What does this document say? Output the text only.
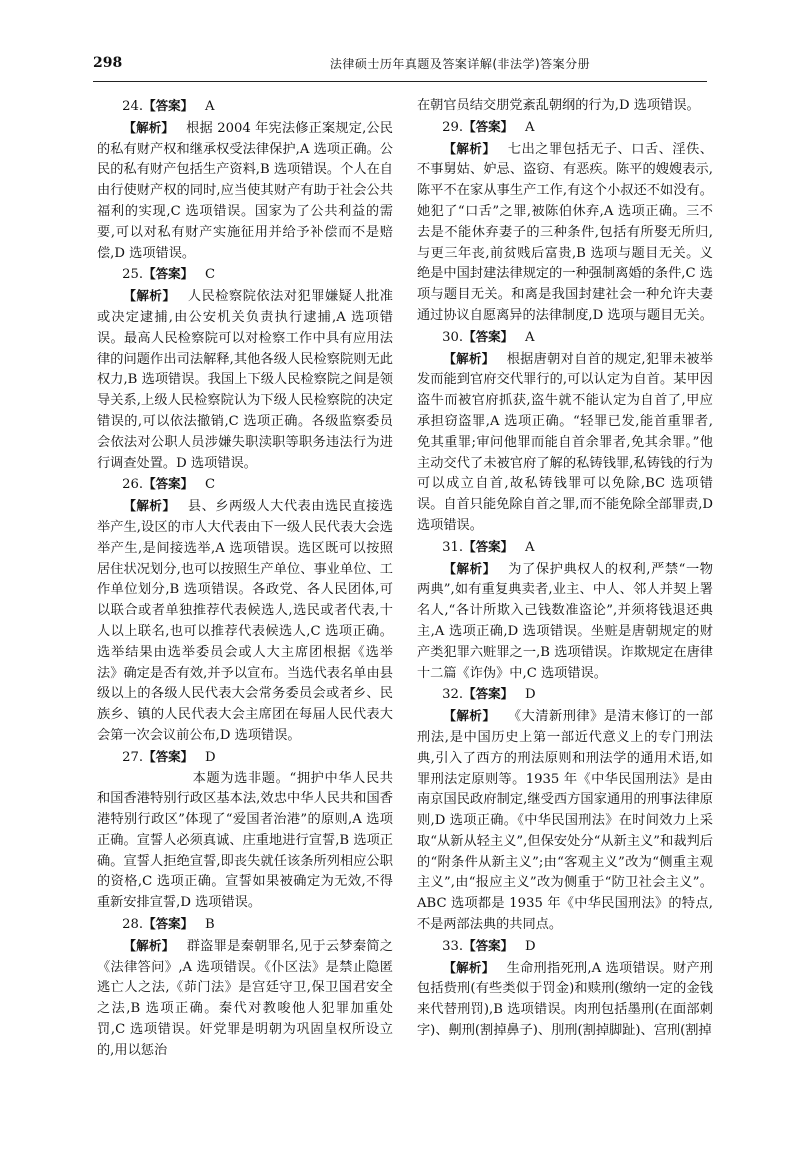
298	法律硕士历年真题及答案详解(非法学)答案分册

24.【答案】 A

【解析】 根据 2004 年宪法修正案规定,公民的私有财产权和继承权受法律保护,A 选项正确。公民的私有财产包括生产资料,B 选项错误。个人在自由行使财产权的同时,应当使其财产有助于社会公共福利的实现,C 选项错误。国家为了公共利益的需要,可以对私有财产实施征用并给予补偿而不是赔偿,D 选项错误。

25.【答案】 C

【解析】 人民检察院依法对犯罪嫌疑人批准或决定逮捕,由公安机关负责执行逮捕,A 选项错误。最高人民检察院可以对检察工作中具有应用法律的问题作出司法解释,其他各级人民检察院则无此权力,B 选项错误。我国上下级人民检察院之间是领导关系,上级人民检察院认为下级人民检察院的决定错误的,可以依法撤销,C 选项正确。各级监察委员会依法对公职人员涉嫌失职渎职等职务违法行为进行调查处置。D 选项错误。

26.【答案】 C

【解析】 县、乡两级人大代表由选民直接选举产生,设区的市人大代表由下一级人民代表大会选举产生,是间接选举,A 选项错误。选区既可以按照居住状况划分,也可以按照生产单位、事业单位、工作单位划分,B 选项错误。各政党、各人民团体,可以联合或者单独推荐代表候选人,选民或者代表,十人以上联名,也可以推荐代表候选人,C 选项正确。选举结果由选举委员会或人大主席团根据《选举法》确定是否有效,并予以宣布。当选代表名单由县级以上的各级人民代表大会常务委员会或者乡、民族乡、镇的人民代表大会主席团在每届人民代表大会第一次会议前公布,D 选项错误。

27.【答案】 D

本题为选非题。“拥护中华人民共和国香港特别行政区基本法,效忠中华人民共和国香港特别行政区”体现了“爱国者治港”的原则,A 选项正确。宣誓人必须真诚、庄重地进行宣誓,B 选项正确。宣誓人拒绝宣誓,即丧失就任该条所列相应公职的资格,C 选项正确。宣誓如果被确定为无效,不得重新安排宣誓,D 选项错误。

28.【答案】 B

【解析】 群盗罪是秦朝罪名,见于云梦秦简之《法律答问》,A 选项错误。《仆区法》是禁止隐匿逃亡人之法,《茆门法》是宫廷守卫,保卫国君安全之法,B 选项正确。秦代对教唆他人犯罪加重处罚,C 选项错误。奸党罪是明朝为巩固皇权所设立的,用以惩治

在朝官员结交朋党紊乱朝纲的行为,D 选项错误。

29.【答案】 A

【解析】 七出之罪包括无子、口舌、淫佚、不事舅姑、妒忌、盗窃、有恶疾。陈平的嫂嫂表示,陈平不在家从事生产工作,有这个小叔还不如没有。她犯了“口舌”之罪,被陈伯休弃,A 选项正确。三不去是不能休弃妻子的三种条件,包括有所娶无所归,与更三年丧,前贫贱后富贵,B 选项与题目无关。义绝是中国封建法律规定的一种强制离婚的条件,C 选项与题目无关。和离是我国封建社会一种允许夫妻通过协议自愿离异的法律制度,D 选项与题目无关。

30.【答案】 A

【解析】 根据唐朝对自首的规定,犯罪未被举发而能到官府交代罪行的,可以认定为自首。某甲因盗牛而被官府抓获,盗牛就不能认定为自首了,甲应承担窃盗罪,A 选项正确。“轻罪已发,能首重罪者,免其重罪;审问他罪而能自首余罪者,免其余罪。”他主动交代了未被官府了解的私铸钱罪,私铸钱的行为可以成立自首,故私铸钱罪可以免除,BC 选项错误。自首只能免除自首之罪,而不能免除全部罪责,D 选项错误。

31.【答案】 A

【解析】 为了保护典权人的权利,严禁“一物两典”,如有重复典卖者,业主、中人、邻人并契上署名人,“各计所欺入己钱数准盗论”,并须将钱退还典主,A 选项正确,D 选项错误。坐赃是唐朝规定的财产类犯罪六赃罪之一,B 选项错误。诈欺规定在唐律十二篇《诈伪》中,C 选项错误。

32.【答案】 D

【解析】 《大清新刑律》是清末修订的一部刑法,是中国历史上第一部近代意义上的专门刑法典,引入了西方的刑法原则和刑法学的通用术语,如罪刑法定原则等。1935 年《中华民国刑法》是由南京国民政府制定,继受西方国家通用的刑事法律原则,D 选项正确。《中华民国刑法》在时间效力上采取“从新从轻主义”,但保安处分“从新主义”和裁判后的“附条件从新主义”;由“客观主义”改为“侧重主观主义”,由“报应主义”改为侧重于“防卫社会主义”。ABC 选项都是 1935 年《中华民国刑法》的特点,不是两部法典的共同点。

33.【答案】 D

【解析】 生命刑指死刑,A 选项错误。财产刑包括赀刑(有些类似于罚金)和赎刑(缴纳一定的金钱来代替刑罚),B 选项错误。肉刑包括墨刑(在面部刺字)、劓刑(割掉鼻子)、刖刑(割掉脚趾)、宫刑(割掉
